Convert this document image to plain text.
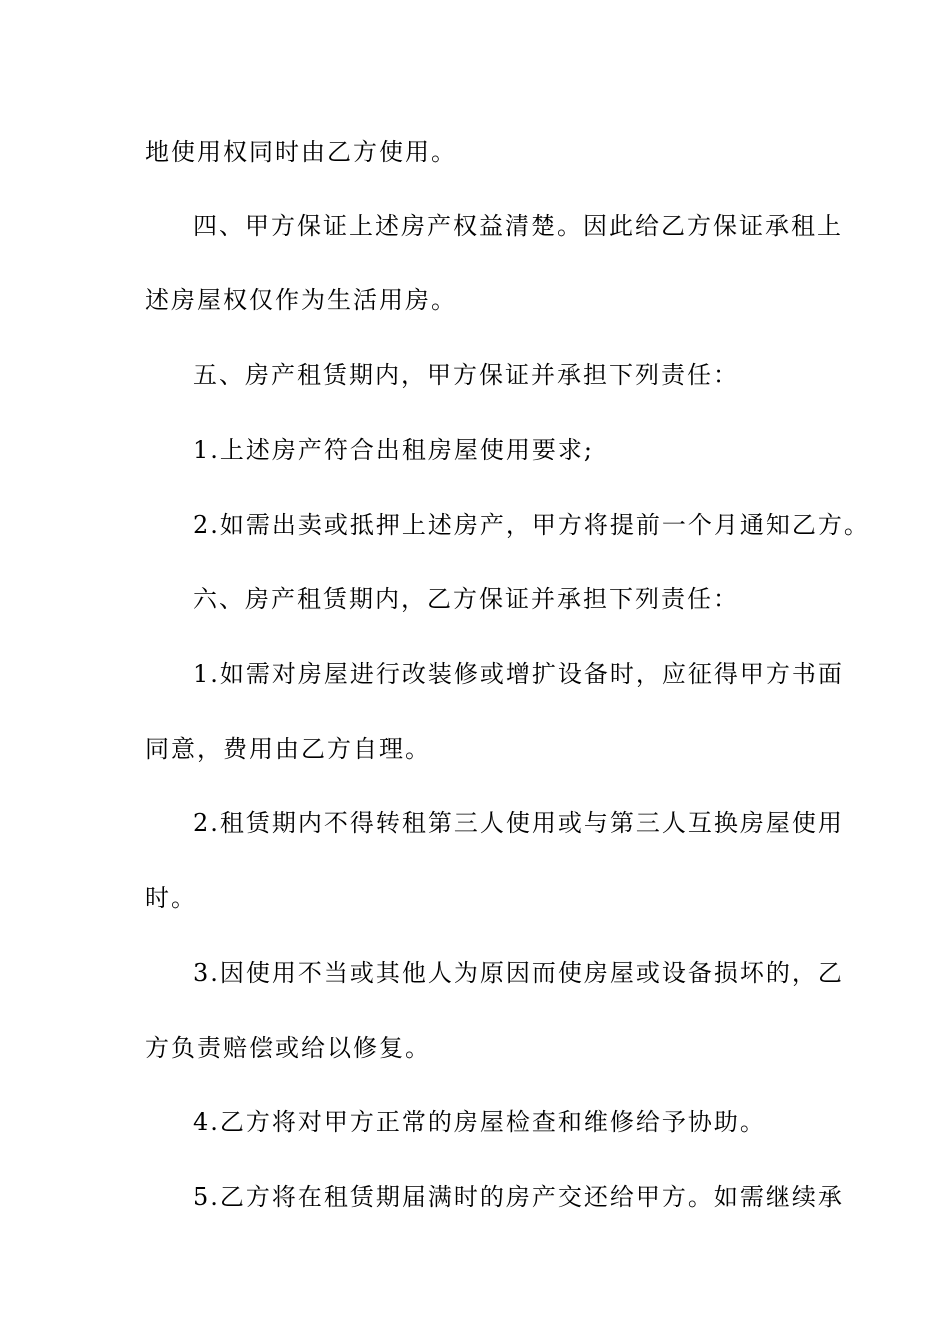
地使用权同时由乙方使用。
四、甲方保证上述房产权益清楚。因此给乙方保证承租上
述房屋权仅作为生活用房。
五、房产租赁期内，甲方保证并承担下列责任：
1.上述房产符合出租房屋使用要求;
2.如需出卖或抵押上述房产，甲方将提前一个月通知乙方。
六、房产租赁期内，乙方保证并承担下列责任：
1.如需对房屋进行改装修或增扩设备时，应征得甲方书面
同意，费用由乙方自理。
2.租赁期内不得转租第三人使用或与第三人互换房屋使用
时。
3.因使用不当或其他人为原因而使房屋或设备损坏的，乙
方负责赔偿或给以修复。
4.乙方将对甲方正常的房屋检查和维修给予协助。
5.乙方将在租赁期届满时的房产交还给甲方。如需继续承
